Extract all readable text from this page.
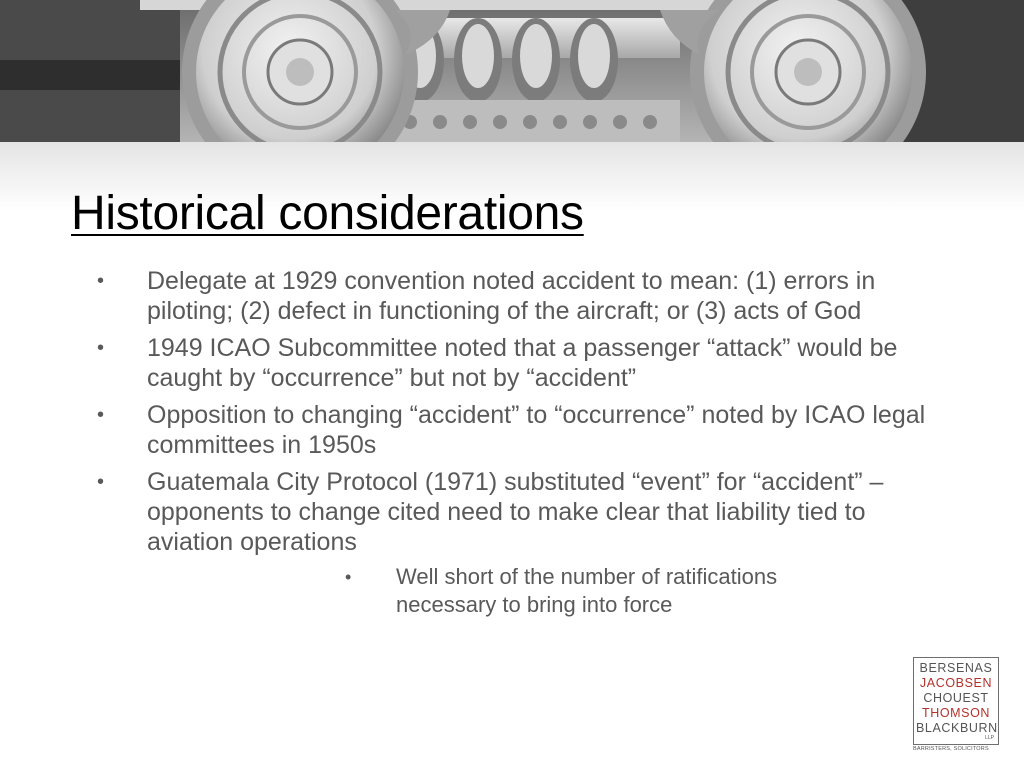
Historical considerations
• Delegate at 1929 convention noted accident to mean: (1) errors in piloting; (2) defect in functioning of the aircraft; or (3) acts of God
• 1949 ICAO Subcommittee noted that a passenger “attack” would be caught by “occurrence” but not by “accident”
• Opposition to changing “accident” to “occurrence” noted by ICAO legal committees in 1950s
• Guatemala City Protocol (1971) substituted “event” for “accident” – opponents to change cited need to make clear that liability tied to aviation operations
• Well short of the number of ratifications necessary to bring into force
BERSENAS
JACOBSEN
CHOUEST
THOMSON
BLACKBURN
LLP
BARRISTERS, SOLICITORS
